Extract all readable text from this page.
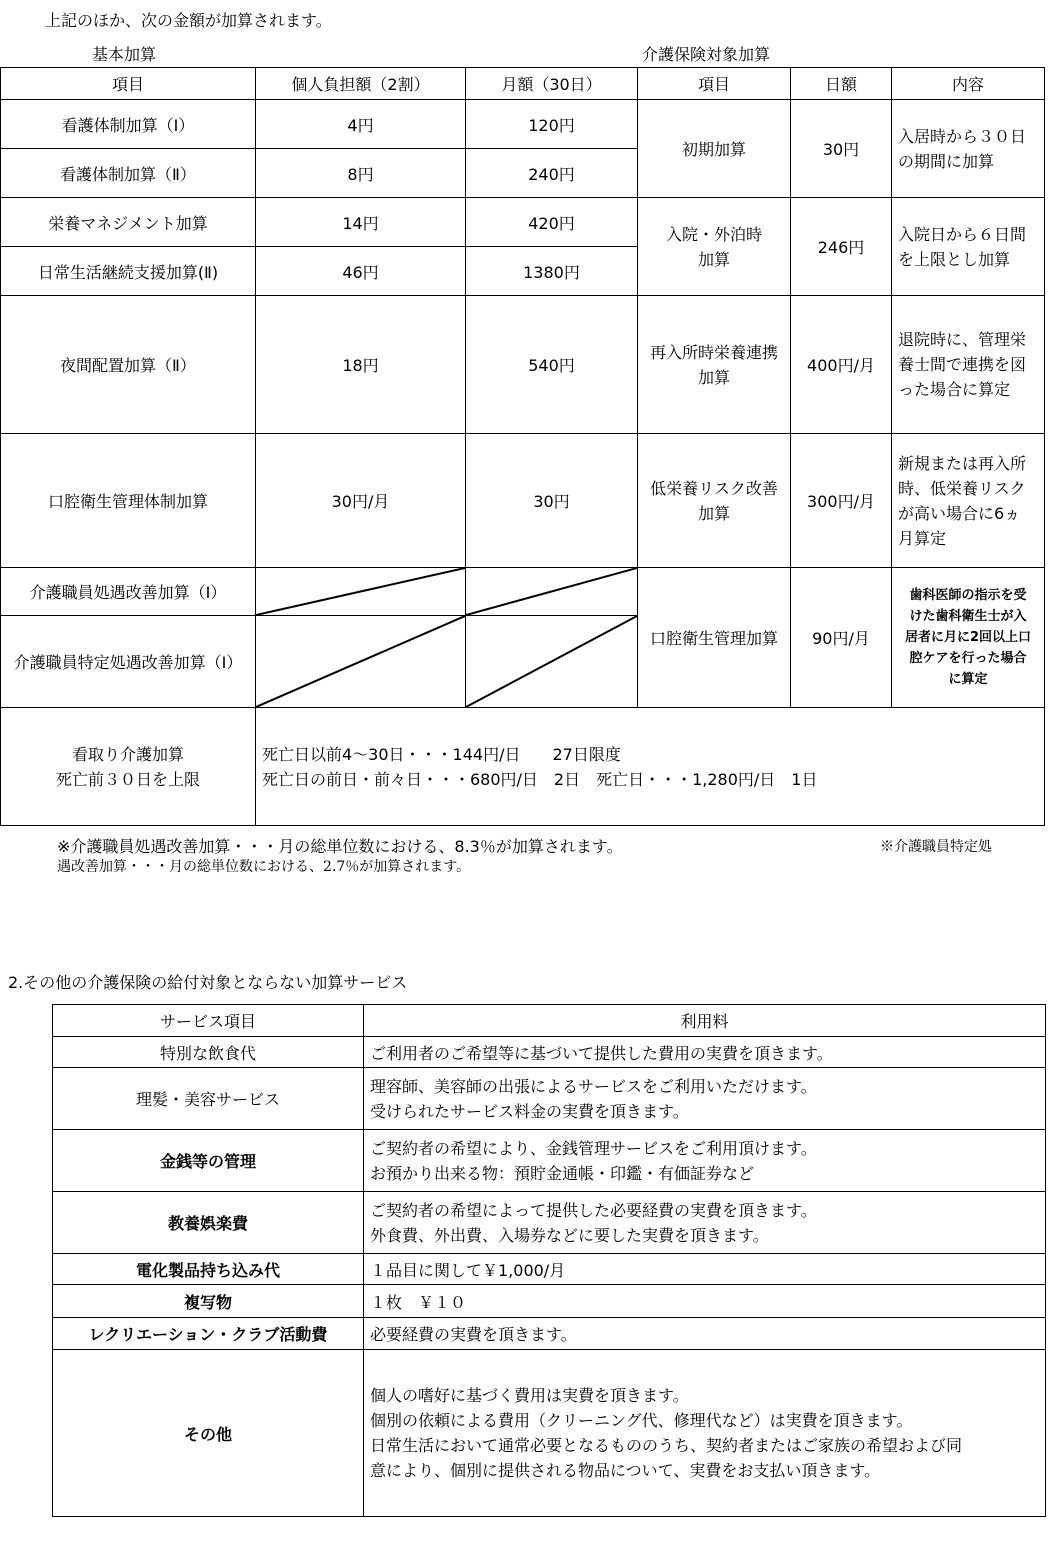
上記のほか、次の金額が加算されます。
基本加算	介護保険対象加算
項目	個人負担額（2割）	月額（30日）	項目	日額	内容
看護体制加算（Ⅰ）	4円	120円	初期加算	30円	入居時から３０日
の期間に加算
看護体制加算（Ⅱ）	8円	240円			
栄養マネジメント加算	14円	420円	入院・外泊時
加算	246円	入院日から６日間
を上限とし加算
日常生活継続支援加算(Ⅱ)	46円	1380円			
夜間配置加算（Ⅱ）	18円	540円	再入所時栄養連携
加算	400円/月	退院時に、管理栄
養士間で連携を図
った場合に算定
口腔衛生管理体制加算	30円/月	30円	低栄養リスク改善
加算	300円/月	新規または再入所
時、低栄養リスク
が高い場合に6ヵ
月算定
介護職員処遇改善加算（Ⅰ）			口腔衛生管理加算	90円/月	歯科医師の指示を受
けた歯科衛生士が入
居者に月に2回以上口
腔ケアを行った場合
に算定
介護職員特定処遇改善加算（Ⅰ）	

看取り介護加算
死亡前３０日を上限	死亡日以前4～30日・・・144円/日　　27日限度
死亡日の前日・前々日・・・680円/日　2日　死亡日・・・1,280円/日　1日				
※介護職員処遇改善加算・・・月の総単位数における、8.3％が加算されます。	※介護職員特定処
遇改善加算・・・月の総単位数における、2.7％が加算されます。
2.その他の介護保険の給付対象とならない加算サービス
サービス項目	利用料
特別な飲食代	ご利用者のご希望等に基づいて提供した費用の実費を頂きます。
理髪・美容サービス	理容師、美容師の出張によるサービスをご利用いただけます。
受けられたサービス料金の実費を頂きます。
金銭等の管理	ご契約者の希望により、金銭管理サービスをご利用頂けます。
お預かり出来る物：預貯金通帳・印鑑・有価証券など
教養娯楽費	ご契約者の希望によって提供した必要経費の実費を頂きます。
外食費、外出費、入場券などに要した実費を頂きます。
電化製品持ち込み代	１品目に関して￥1,000/月
複写物	１枚　￥１０
レクリエーション・クラブ活動費	必要経費の実費を頂きます。
その他	個人の嗜好に基づく費用は実費を頂きます。
個別の依頼による費用（クリーニング代、修理代など）は実費を頂きます。
日常生活において通常必要となるもののうち、契約者またはご家族の希望および同
意により、個別に提供される物品について、実費をお支払い頂きます。
